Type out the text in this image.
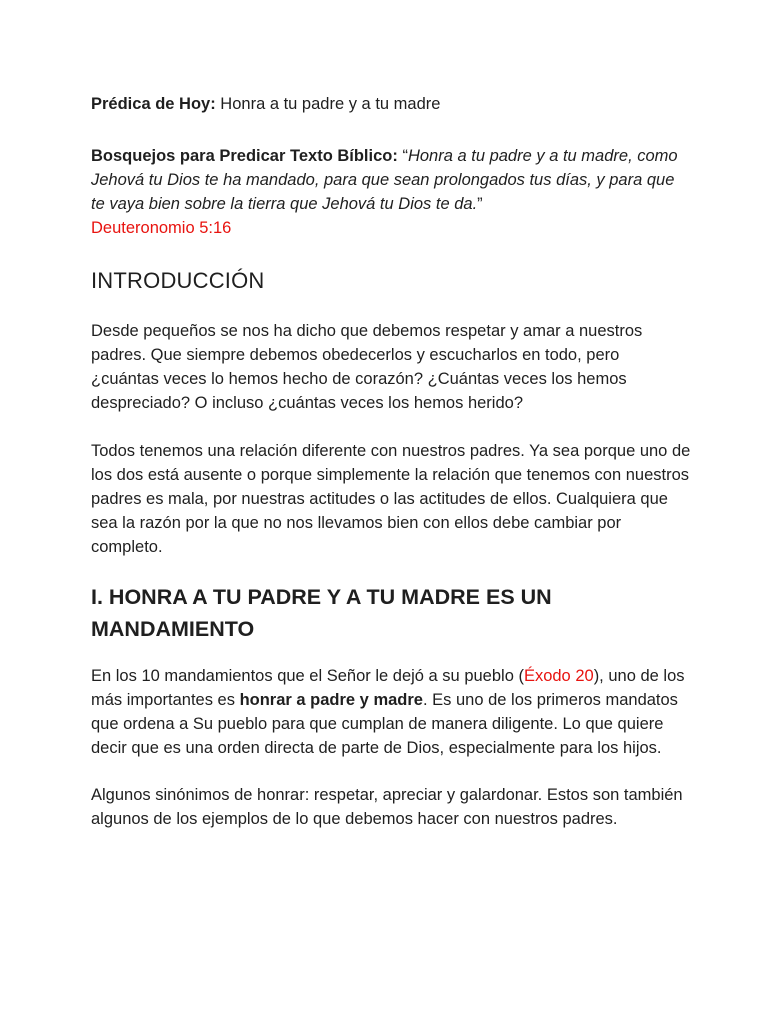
Prédica de Hoy: Honra a tu padre y a tu madre

Bosquejos para Predicar Texto Bíblico: “Honra a tu padre y a tu madre, como Jehová tu Dios te ha mandado, para que sean prolongados tus días, y para que te vaya bien sobre la tierra que Jehová tu Dios te da.”
Deuteronomio 5:16

INTRODUCCIÓN

Desde pequeños se nos ha dicho que debemos respetar y amar a nuestros padres. Que siempre debemos obedecerlos y escucharlos en todo, pero ¿cuántas veces lo hemos hecho de corazón? ¿Cuántas veces los hemos despreciado? O incluso ¿cuántas veces los hemos herido?

Todos tenemos una relación diferente con nuestros padres. Ya sea porque uno de los dos está ausente o porque simplemente la relación que tenemos con nuestros padres es mala, por nuestras actitudes o las actitudes de ellos. Cualquiera que sea la razón por la que no nos llevamos bien con ellos debe cambiar por completo.

I. HONRA A TU PADRE Y A TU MADRE ES UN MANDAMIENTO

En los 10 mandamientos que el Señor le dejó a su pueblo (Éxodo 20), uno de los más importantes es honrar a padre y madre. Es uno de los primeros mandatos que ordena a Su pueblo para que cumplan de manera diligente. Lo que quiere decir que es una orden directa de parte de Dios, especialmente para los hijos.

Algunos sinónimos de honrar: respetar, apreciar y galardonar. Estos son también algunos de los ejemplos de lo que debemos hacer con nuestros padres.
